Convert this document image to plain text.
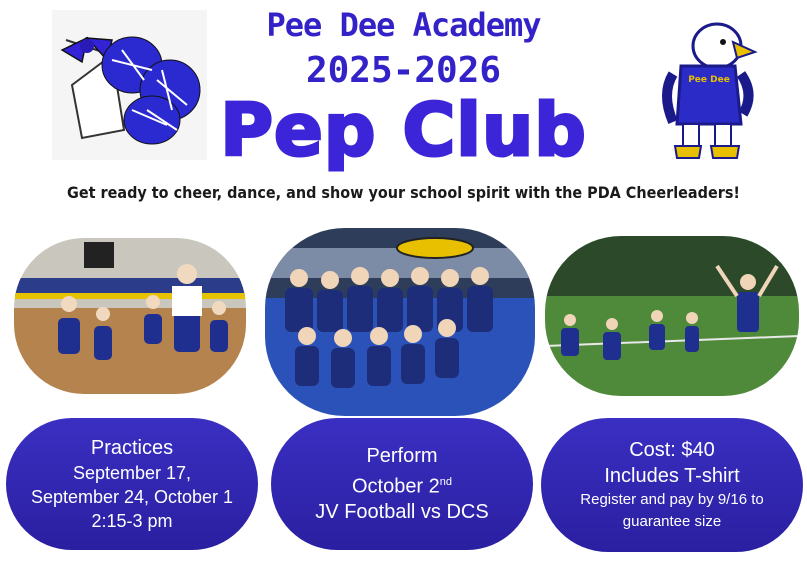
Pee Dee Academy
2025-2026
Pep Club
Pee Dee
Get ready to cheer, dance, and show your school spirit with the PDA Cheerleaders!
Practices
September 17,
September 24, October 1
2:15-3 pm
Perform
October 2nd
JV Football vs DCS
Cost: $40
Includes T-shirt
Register and pay by 9/16 to
guarantee size
